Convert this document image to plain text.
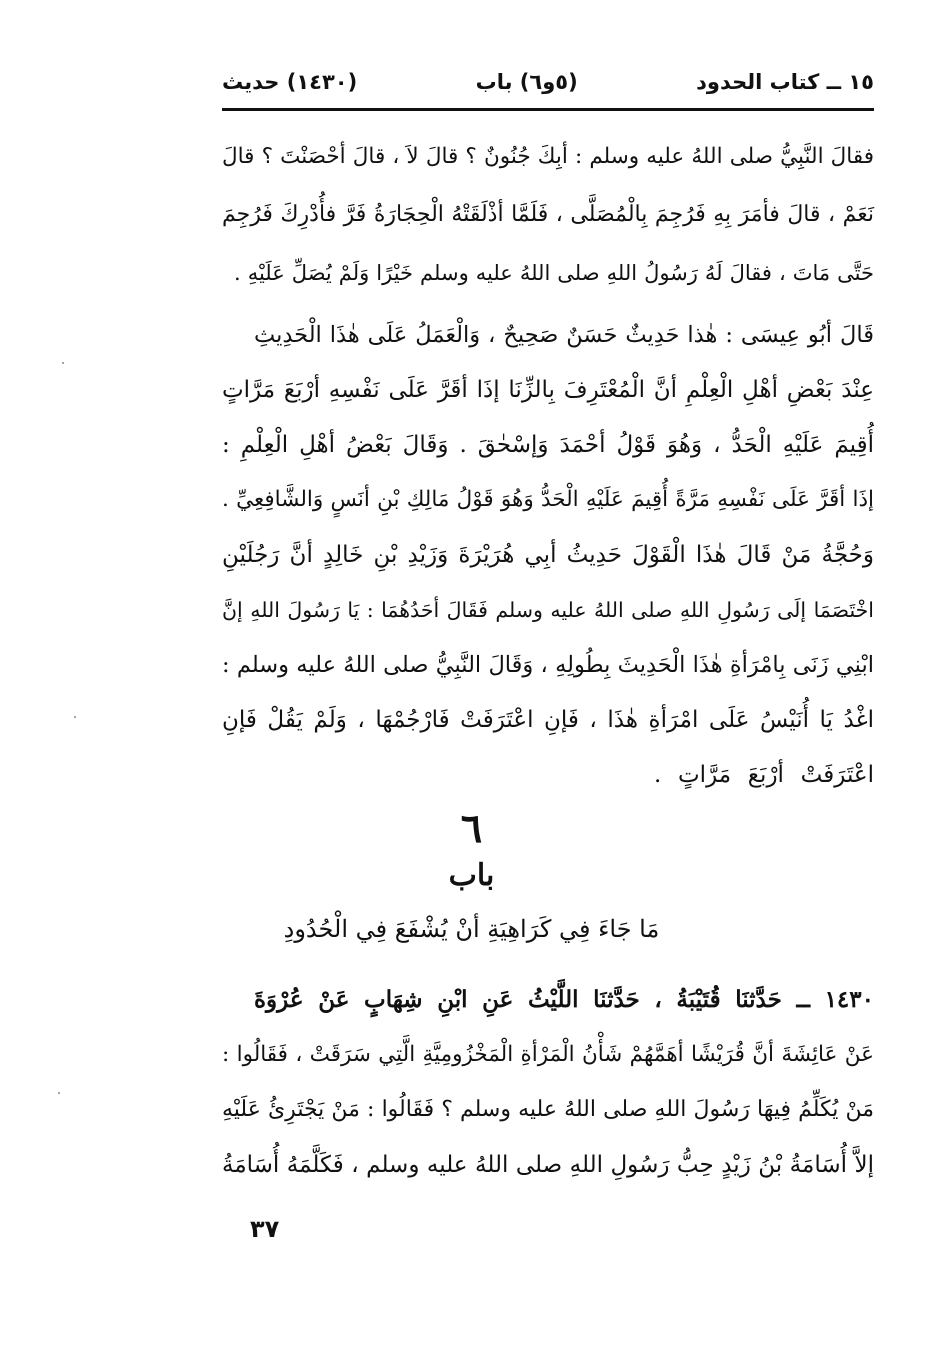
١٥ ــ كتاب الحدود
(٥و٦) باب
(١٤٣٠) حديث
فقالَ النَّبِيُّ صلى اللهُ عليه وسلم : أبِكَ جُنُونٌ ؟ قالَ لاَ ، قالَ أحْصَنْتَ ؟ قالَ
نَعَمْ ، قالَ فأمَرَ بِهِ فَرُجِمَ بِالْمُصَلَّى ، فَلَمَّا أذْلَقَتْهُ الْحِجَارَةُ فَرَّ فأُدْرِكَ فَرُجِمَ
حَتَّى مَاتَ ، فقالَ لَهُ رَسُولُ اللهِ صلى اللهُ عليه وسلم خَيْرًا وَلَمْ يُصَلِّ عَلَيْهِ .
قَالَ أبُو عِيسَى : هٰذا حَدِيثٌ حَسَنٌ صَحِيحٌ ، وَالْعَمَلُ عَلَى هٰذَا الْحَدِيثِ
عِنْدَ بَعْضِ أهْلِ الْعِلْمِ أنَّ الْمُعْتَرِفَ بِالزِّنَا إذَا أقَرَّ عَلَى نَفْسِهِ أرْبَعَ مَرَّاتٍ
أُقِيمَ عَلَيْهِ الْحَدُّ ، وَهُوَ قَوْلُ أحْمَدَ وَإسْحٰقَ . وَقَالَ بَعْضُ أهْلِ الْعِلْمِ :
إذَا أقَرَّ عَلَى نَفْسِهِ مَرَّةً أُقِيمَ عَلَيْهِ الْحَدُّ وَهُوَ قَوْلُ مَالِكِ بْنِ أنَسٍ وَالشَّافِعِيِّ .
وَحُجَّةُ مَنْ قَالَ هٰذَا الْقَوْلَ حَدِيثُ أبِي هُرَيْرَةَ وَزَيْدِ بْنِ خَالِدٍ أنَّ رَجُلَيْنِ
اخْتَصَمَا إلَى رَسُولِ اللهِ صلى اللهُ عليه وسلم فَقَالَ أحَدُهُمَا : يَا رَسُولَ اللهِ إنَّ
ابْنِي زَنَى بِامْرَأةِ هٰذَا الْحَدِيثَ بِطُولِهِ ، وَقَالَ النَّبِيُّ صلى اللهُ عليه وسلم :
اغْدُ يَا أُنَيْسُ عَلَى امْرَأةِ هٰذَا ، فَإنِ اعْتَرَفَتْ فَارْجُمْهَا ، وَلَمْ يَقُلْ فَإنِ
اعْتَرَفَتْ أرْبَعَ مَرَّاتٍ .
٦
باب
مَا جَاءَ فِي كَرَاهِيَةِ أنْ يُشْفَعَ فِي الْحُدُودِ
١٤٣٠ ــ حَدَّثنَا قُتَيْبَةُ ، حَدَّثنَا اللَّيْثُ عَنِ ابْنِ شِهَابٍ عَنْ عُرْوَةَ
عَنْ عَائِشَةَ أنَّ قُرَيْشًا أهَمَّهُمْ شَأْنُ الْمَرْأةِ الْمَخْزُومِيَّةِ الَّتِي سَرَقَتْ ، فَقَالُوا :
مَنْ يُكَلِّمُ فِيهَا رَسُولَ اللهِ صلى اللهُ عليه وسلم ؟ فَقَالُوا : مَنْ يَجْتَرِئُ عَلَيْهِ
إلاَّ أُسَامَةُ بْنُ زَيْدٍ حِبُّ رَسُولِ اللهِ صلى اللهُ عليه وسلم ، فَكَلَّمَهُ أُسَامَةُ
٣٧
